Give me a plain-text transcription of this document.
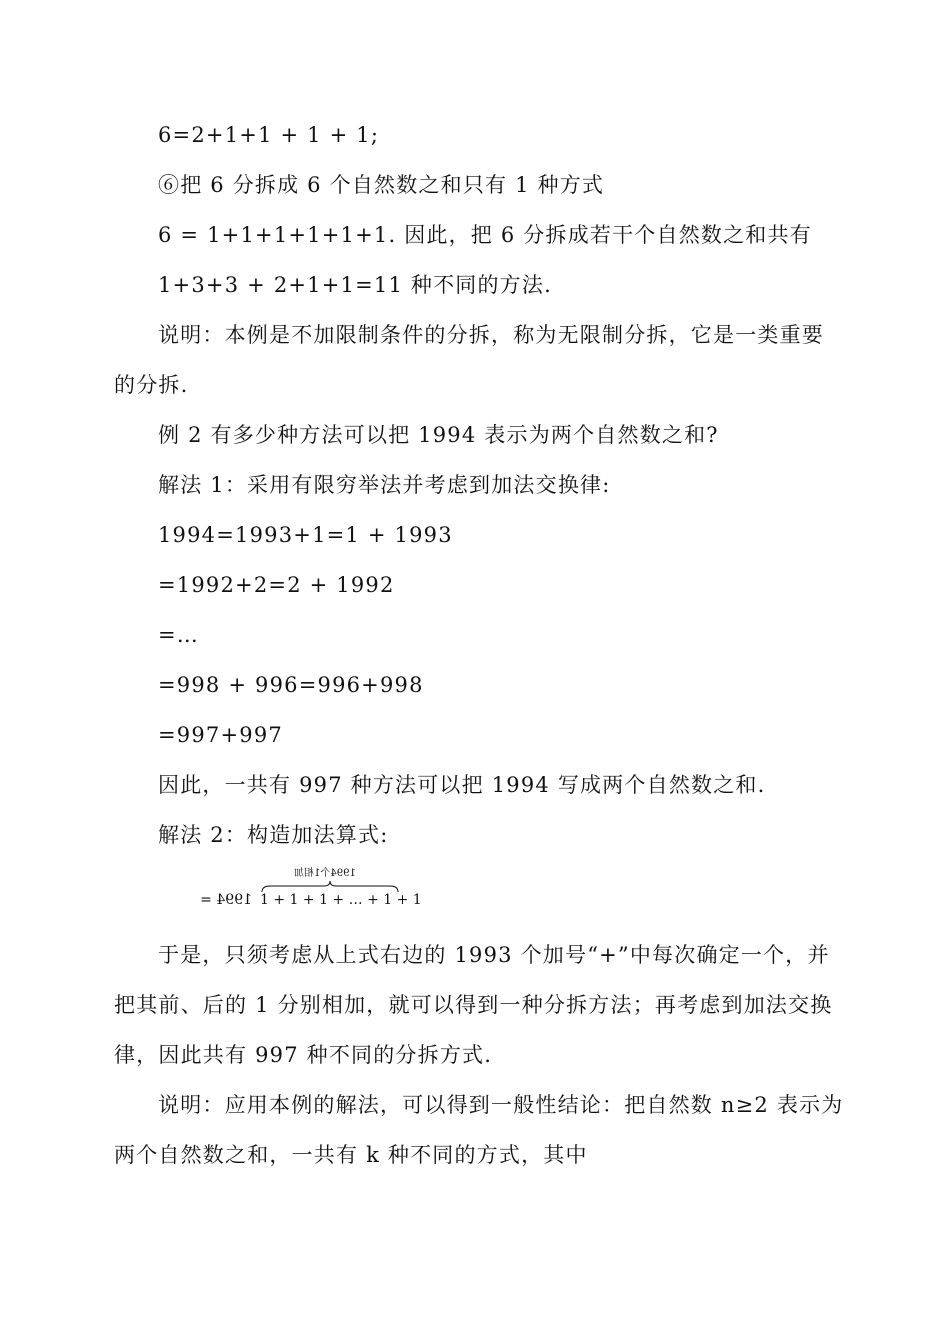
6=2+1+1 + 1 + 1;
⑥把 6 分拆成 6 个自然数之和只有 1 种方式
6 = 1+1+1+1+1+1. 因此，把 6 分拆成若干个自然数之和共有
1+3+3 + 2+1+1=11 种不同的方法.
说明：本例是不加限制条件的分拆，称为无限制分拆，它是一类重要
的分拆.
例 2 有多少种方法可以把 1994 表示为两个自然数之和?
解法 1：采用有限穷举法并考虑到加法交换律:
1994=1993+1=1 + 1993
=1992+2=2 + 1992
=…
=998 + 996=996+998
=997+997
因此，一共有 997 种方法可以把 1994 写成两个自然数之和.
解法 2：构造加法算式:
1994个1相加
1994 = 1 + 1 + 1 + … + 1 + 1
于是，只须考虑从上式右边的 1993 个加号“+”中每次确定一个，并
把其前、后的 1 分别相加，就可以得到一种分拆方法；再考虑到加法交换
律，因此共有 997 种不同的分拆方式.
说明：应用本例的解法，可以得到一般性结论：把自然数 n≥2 表示为
两个自然数之和，一共有 k 种不同的方式，其中
